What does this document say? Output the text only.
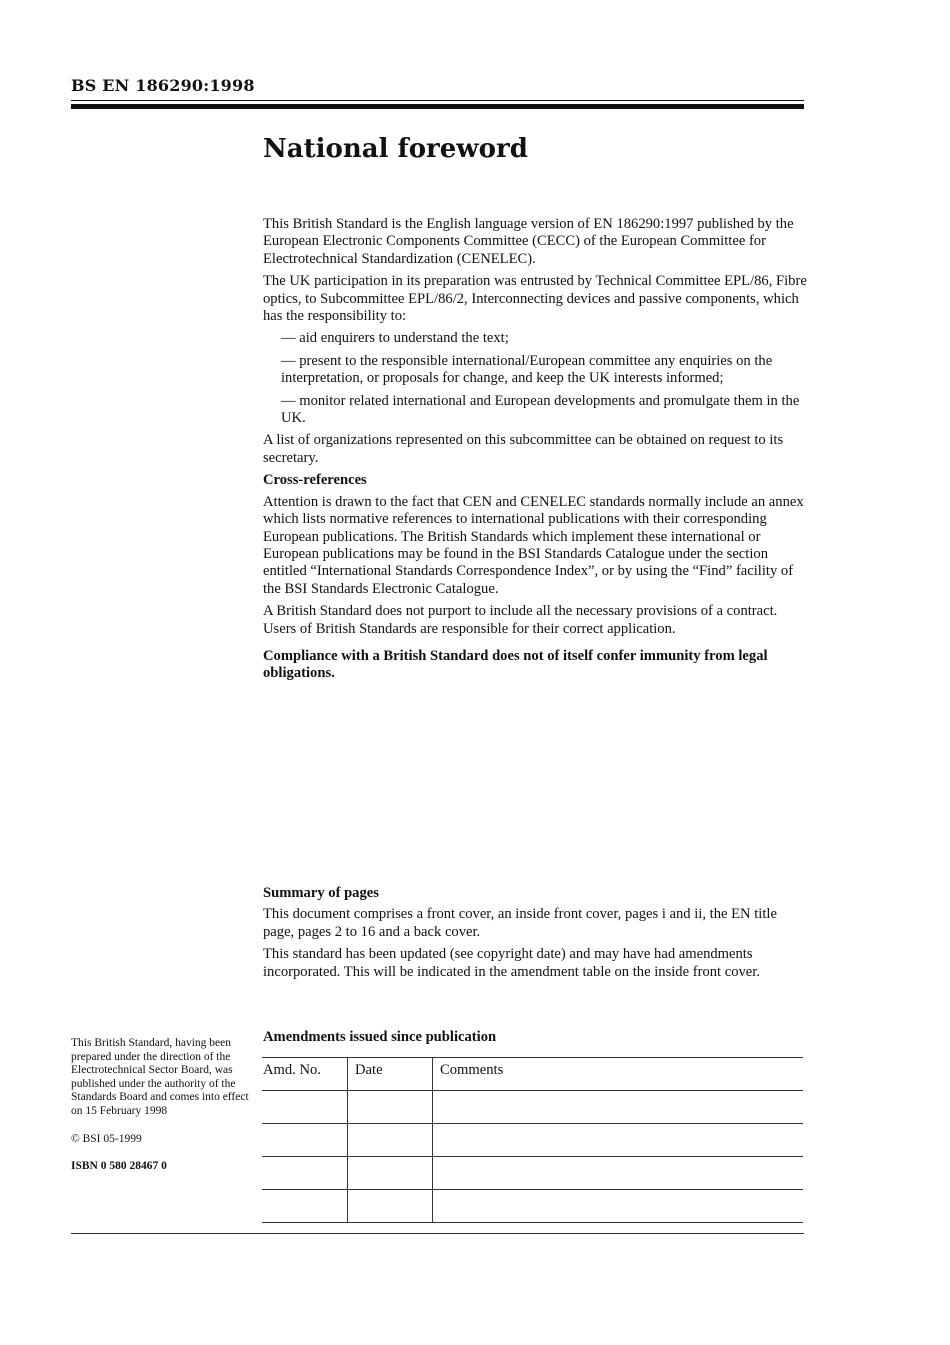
BS EN 186290:1998
National foreword

This British Standard is the English language version of EN 186290:1997 published by the European Electronic Components Committee (CECC) of the European Committee for Electrotechnical Standardization (CENELEC).

The UK participation in its preparation was entrusted by Technical Committee EPL/86, Fibre optics, to Subcommittee EPL/86/2, Interconnecting devices and passive components, which has the responsibility to:

— aid enquirers to understand the text;

— present to the responsible international/European committee any enquiries on the interpretation, or proposals for change, and keep the UK interests informed;

— monitor related international and European developments and promulgate them in the UK.

A list of organizations represented on this subcommittee can be obtained on request to its secretary.

Cross-references

Attention is drawn to the fact that CEN and CENELEC standards normally include an annex which lists normative references to international publications with their corresponding European publications. The British Standards which implement these international or European publications may be found in the BSI Standards Catalogue under the section entitled “International Standards Correspondence Index”, or by using the “Find” facility of the BSI Standards Electronic Catalogue.

A British Standard does not purport to include all the necessary provisions of a contract. Users of British Standards are responsible for their correct application.

Compliance with a British Standard does not of itself confer immunity from legal obligations.

Summary of pages

This document comprises a front cover, an inside front cover, pages i and ii, the EN title page, pages 2 to 16 and a back cover.

This standard has been updated (see copyright date) and may have had amendments incorporated. This will be indicated in the amendment table on the inside front cover.

This British Standard, having been prepared under the direction of the Electrotechnical Sector Board, was published under the authority of the Standards Board and comes into effect on 15 February 1998

© BSI 05-1999

ISBN 0 580 28467 0

Amendments issued since publication
Amd. No.	Date	Comments
